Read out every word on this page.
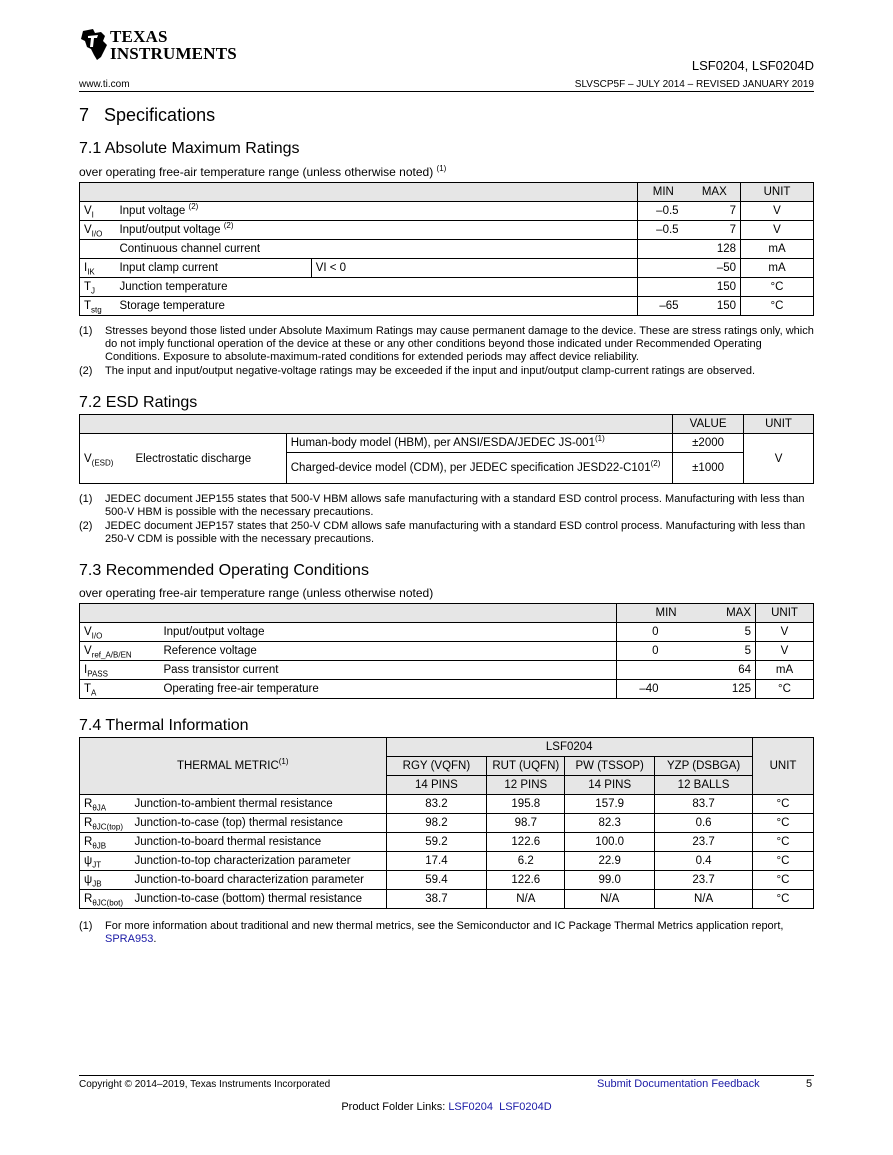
TEXAS
INSTRUMENTS
LSF0204, LSF0204D
www.ti.com	SLVSCP5F – JULY 2014 – REVISED JANUARY 2019
7 Specifications
7.1 Absolute Maximum Ratings
over operating free-air temperature range (unless otherwise noted) $^{(1)}$
			MIN	MAX	UNIT
$V_I$	Input voltage $^{(2)}$		–0.5	7	V
$V_{I/O}$	Input/output voltage $^{(2)}$		–0.5	7	V
	Continuous channel current			128	mA
$I_{IK}$	Input clamp current	VI < 0		–50	mA
$T_J$	Junction temperature			150	°C
$T_{stg}$	Storage temperature		–65	150	°C
(1) Stresses beyond those listed under Absolute Maximum Ratings may cause permanent damage to the device. These are stress ratings only, which do not imply functional operation of the device at these or any other conditions beyond those indicated under Recommended Operating Conditions. Exposure to absolute-maximum-rated conditions for extended periods may affect device reliability.
(2) The input and input/output negative-voltage ratings may be exceeded if the input and input/output clamp-current ratings are observed.
7.2 ESD Ratings
			VALUE	UNIT
$V_{(ESD)}$	Electrostatic discharge	Human-body model (HBM), per ANSI/ESDA/JEDEC $JS-001^{(1)}$	±2000	V
		Charged-device model (CDM), per JEDEC specification $JESD22-C101^{(2)}$	±1000	
(1) JEDEC document JEP155 states that 500-V HBM allows safe manufacturing with a standard ESD control process. Manufacturing with less than 500-V HBM is possible with the necessary precautions.
(2) JEDEC document JEP157 states that 250-V CDM allows safe manufacturing with a standard ESD control process. Manufacturing with less than 250-V CDM is possible with the necessary precautions.
7.3 Recommended Operating Conditions
over operating free-air temperature range (unless otherwise noted)
		MIN	MAX	UNIT
$V_{I/O}$	Input/output voltage	0	5	V
$V_{ref\_A/B/EN}$	Reference voltage	0	5	V
$I_{PASS}$	Pass transistor current		64	mA
$T_A$	Operating free-air temperature	–40	125	°C
7.4 Thermal Information
THERMAL METRIC$^{(1)}$		LSF0204				UNIT
		RGY (VQFN)	RUT (UQFN)	PW (TSSOP)	YZP (DSBGA)	
		14 PINS	12 PINS	14 PINS	12 BALLS	
$R_{\theta JA}$	Junction-to-ambient thermal resistance	83.2	195.8	157.9	83.7	°C
$R_{\theta JC(top)}$	Junction-to-case (top) thermal resistance	98.2	98.7	82.3	0.6	°C
$R_{\theta JB}$	Junction-to-board thermal resistance	59.2	122.6	100.0	23.7	°C
$\psi_{JT}$	Junction-to-top characterization parameter	17.4	6.2	22.9	0.4	°C
$\psi_{JB}$	Junction-to-board characterization parameter	59.4	122.6	99.0	23.7	°C
$R_{\theta JC(bot)}$	Junction-to-case (bottom) thermal resistance	38.7	N/A	N/A	N/A	°C
(1) For more information about traditional and new thermal metrics, see the Semiconductor and IC Package Thermal Metrics application report, SPRA953.
Copyright © 2014–2019, Texas Instruments Incorporated	Submit Documentation Feedback	5
Product Folder Links: LSF0204 LSF0204D
